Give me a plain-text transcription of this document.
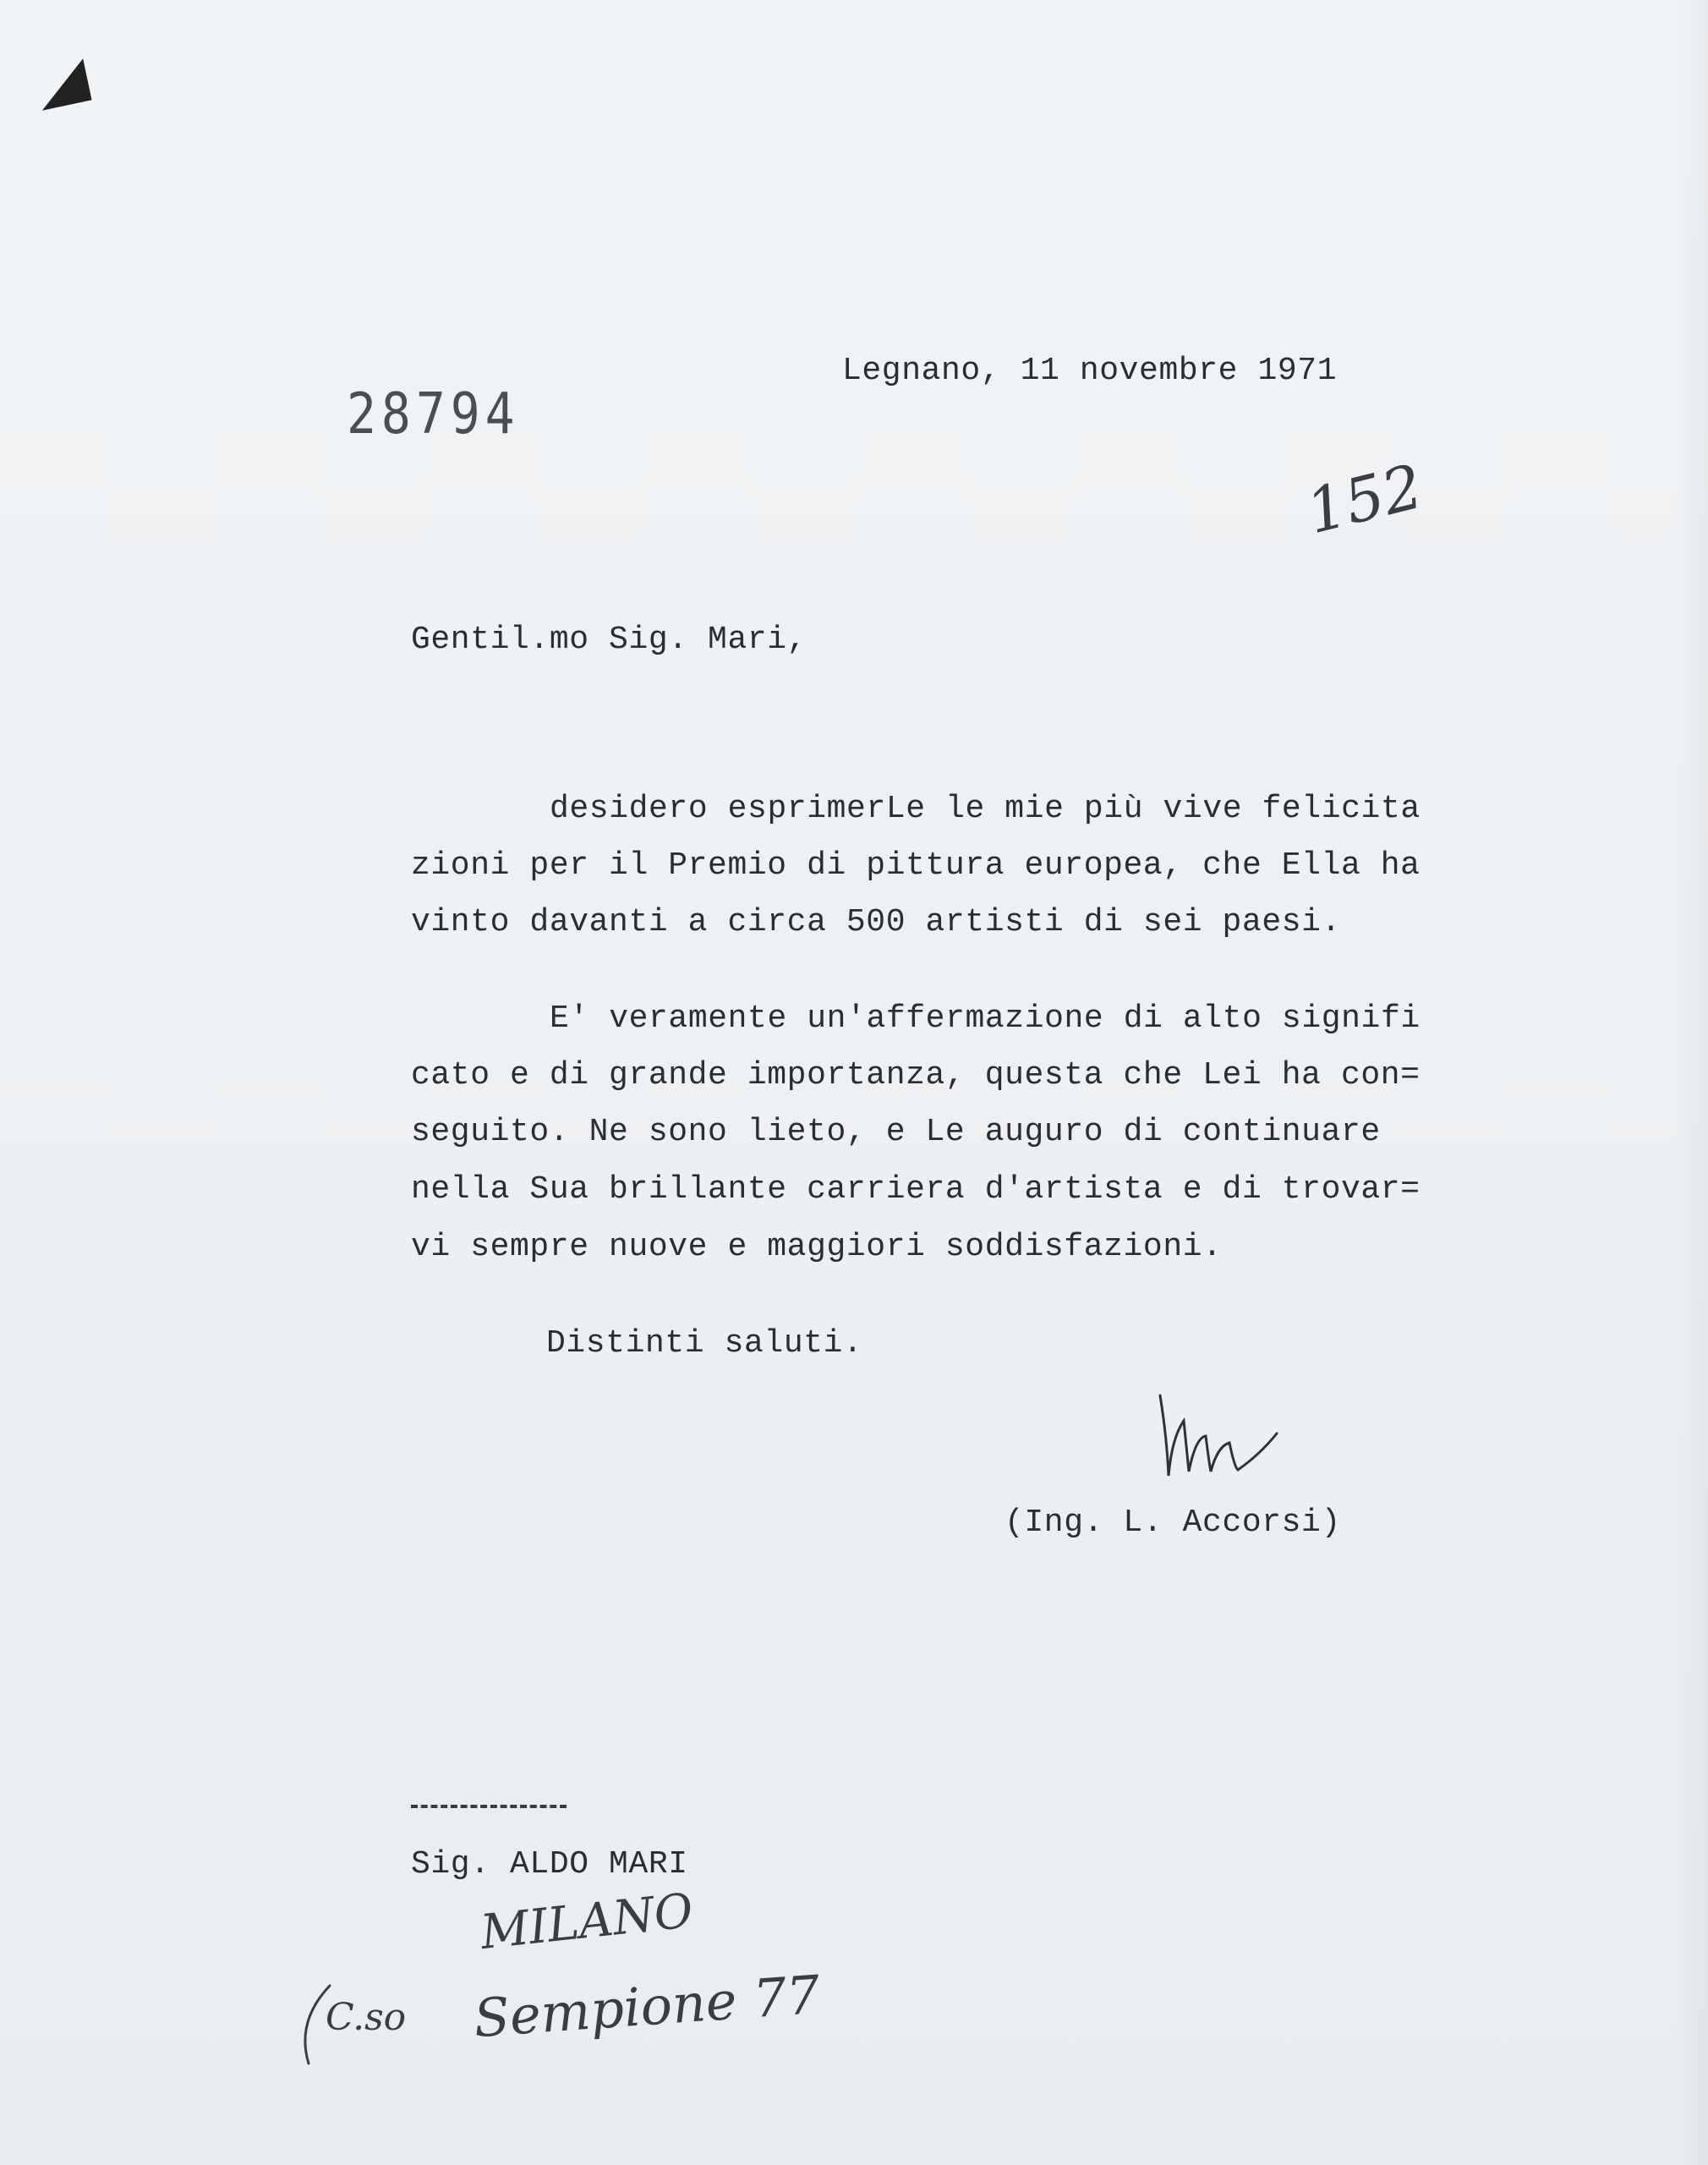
Legnano, 11 novembre 1971
28794
152
Gentil.mo Sig. Mari,
desidero esprimerLe le mie più vive felicita
zioni per il Premio di pittura europea, che Ella ha
vinto davanti a circa 500 artisti di sei paesi.
E' veramente un'affermazione di alto signifi
cato e di grande importanza, questa che Lei ha con=
seguito. Ne sono lieto, e Le auguro di continuare
nella Sua brillante carriera d'artista e di trovar=
vi sempre nuove e maggiori soddisfazioni.
Distinti saluti.
(Ing. L. Accorsi)
Sig. ALDO MARI
MILANO
C.so Sempione 77
